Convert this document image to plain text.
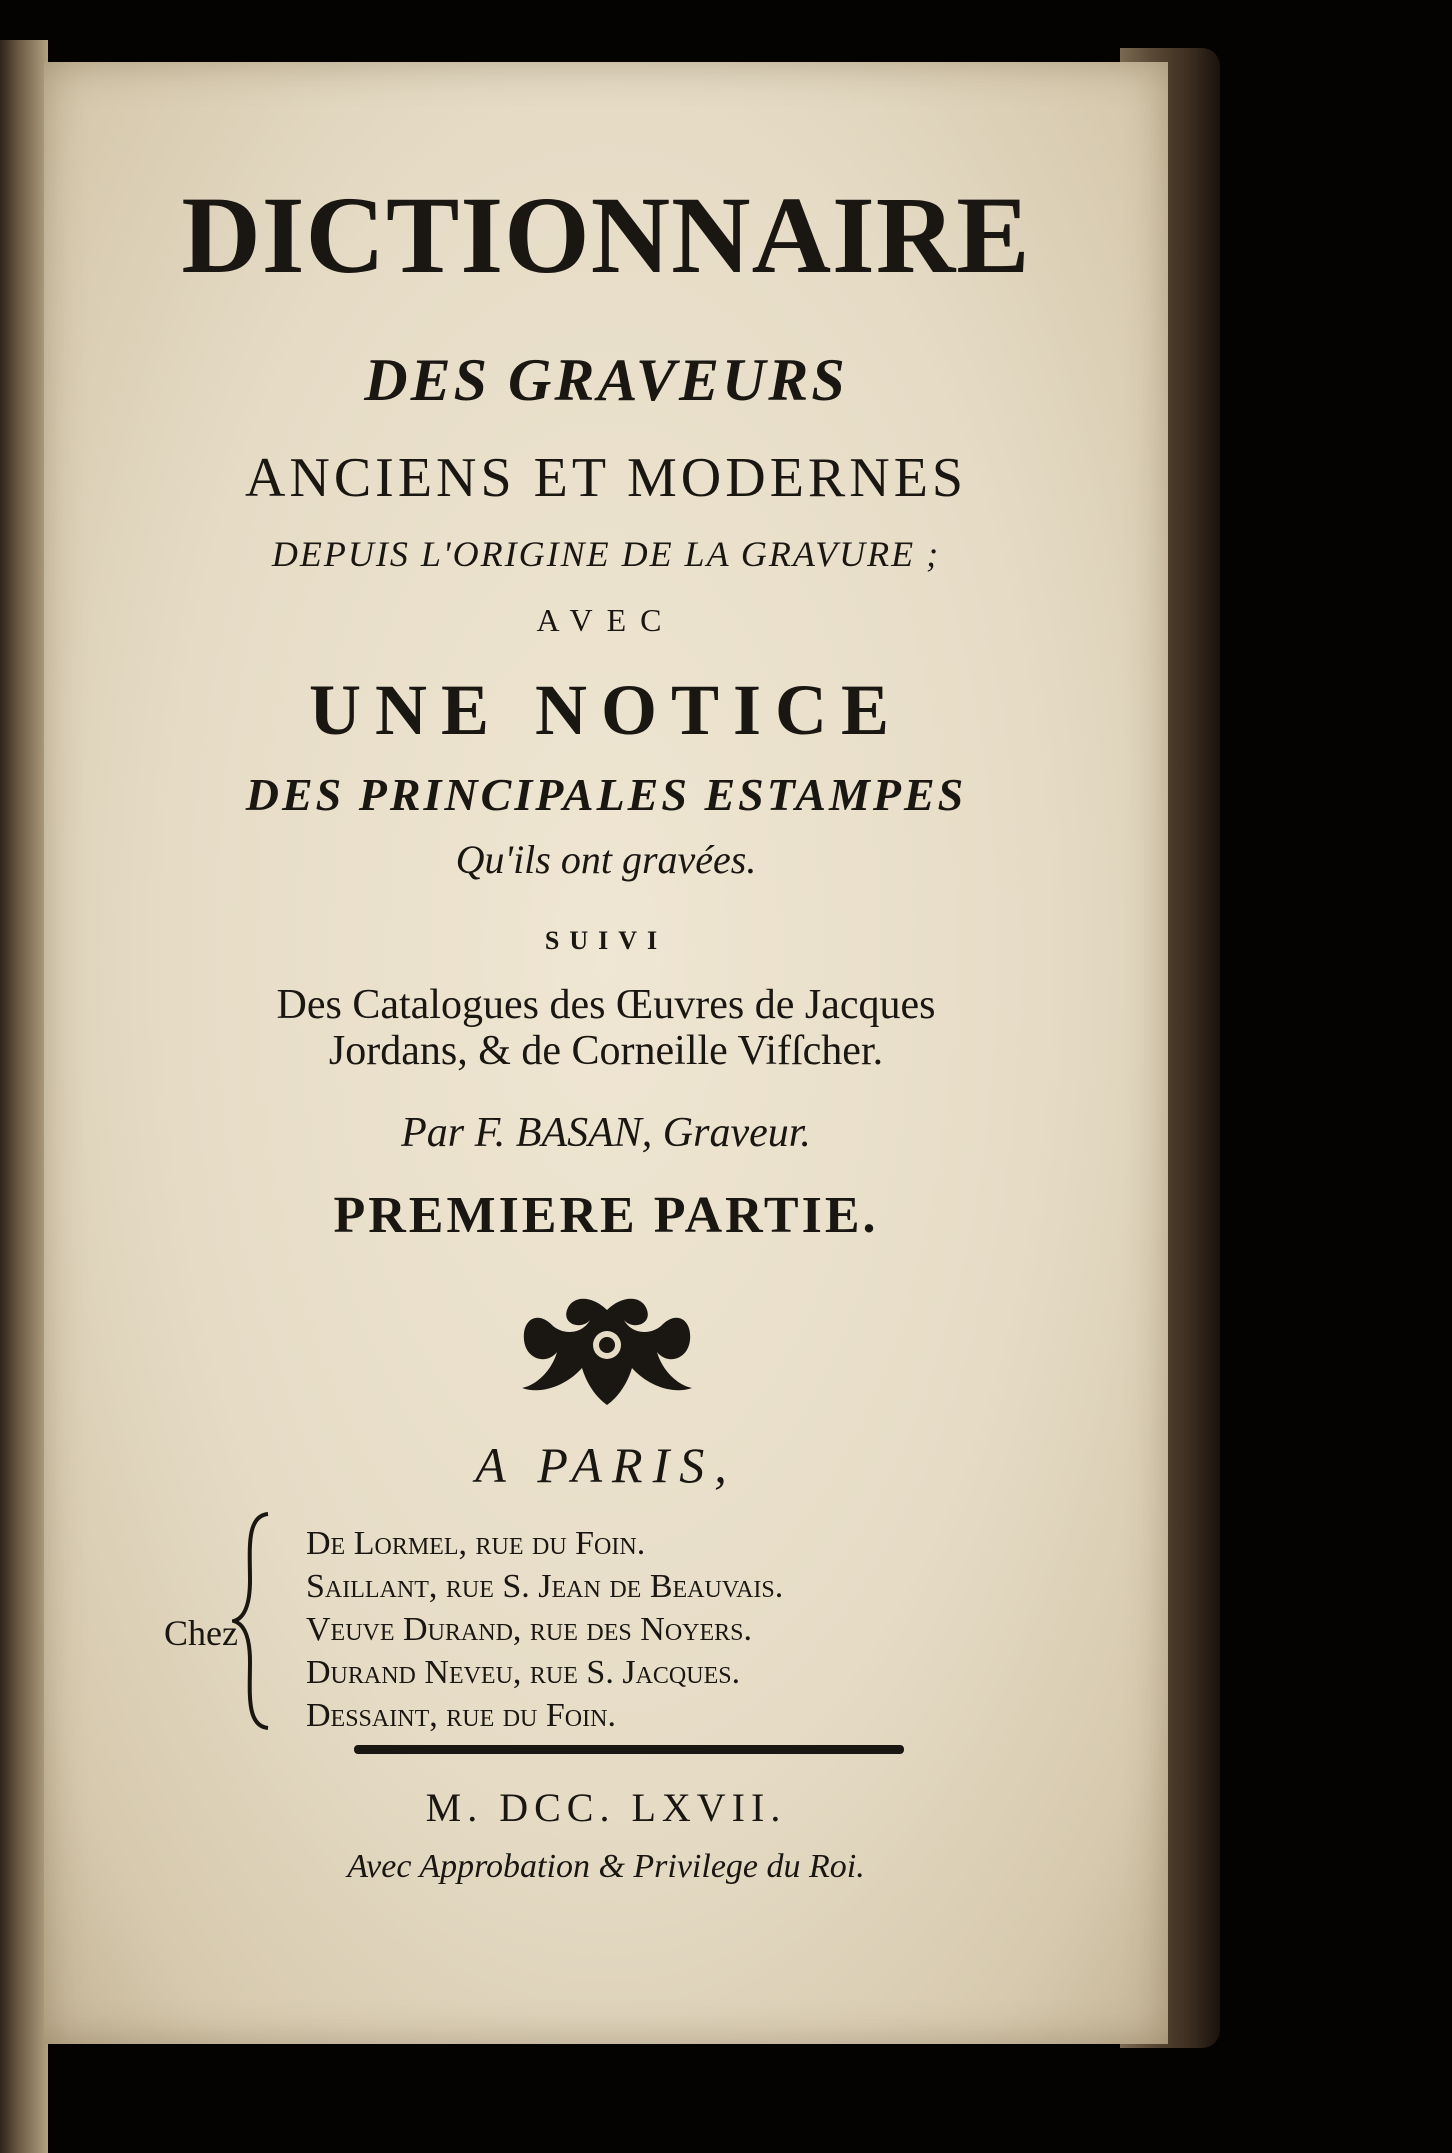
DICTIONNAIRE
DES GRAVEURS
ANCIENS ET MODERNES
DEPUIS L'ORIGINE DE LA GRAVURE ;
AVEC
UNE NOTICE
DES PRINCIPALES ESTAMPES
Qu'ils ont gravées.
SUIVI
Des Catalogues des Œuvres de Jacques
Jordans, & de Corneille Vifſcher.
Par F. BASAN, Graveur.
PREMIERE PARTIE.
A PARIS,
Chez
De Lormel, rue du Foin.
Saillant, rue S. Jean de Beauvais.
Veuve Durand, rue des Noyers.
Durand Neveu, rue S. Jacques.
Dessaint, rue du Foin.
M. DCC. LXVII.
Avec Approbation & Privilege du Roi.
